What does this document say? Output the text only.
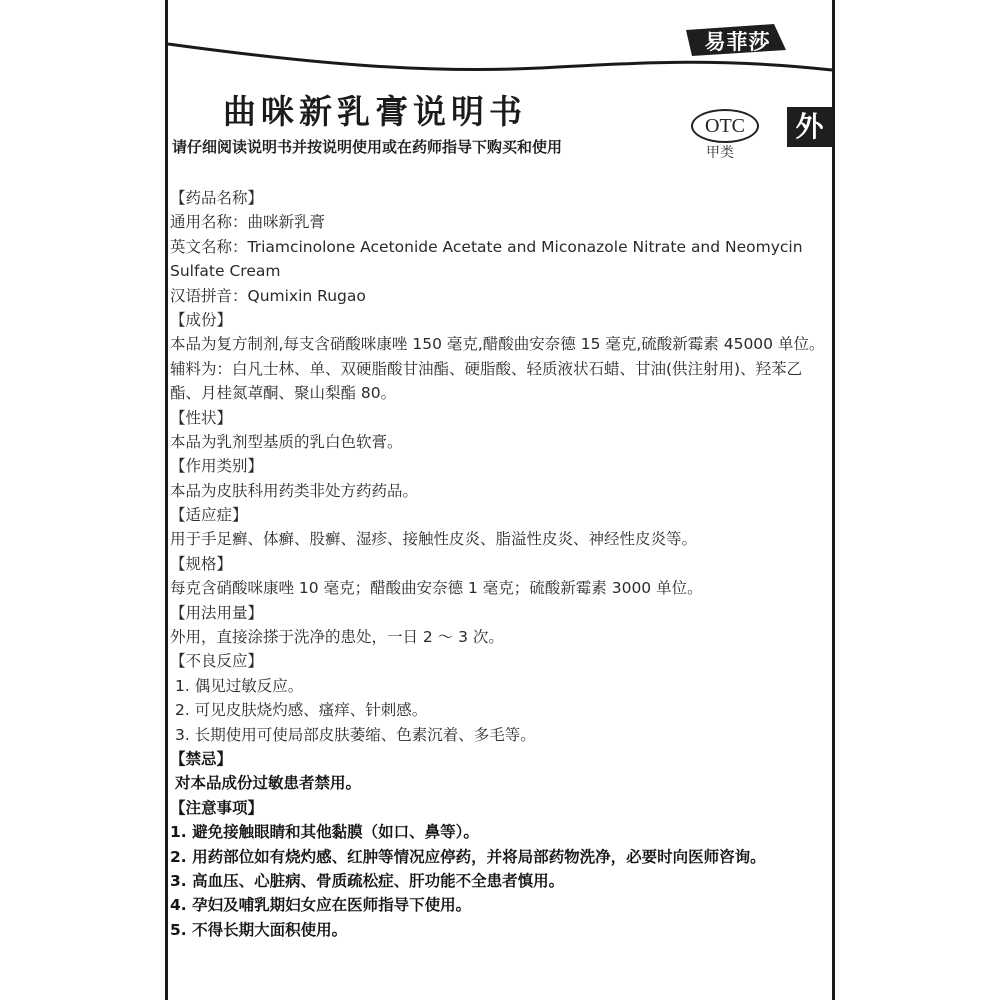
易菲莎
曲咪新乳膏说明书
请仔细阅读说明书并按说明使用或在药师指导下购买和使用
OTC
甲类
外
【药品名称】
通用名称：曲咪新乳膏
英文名称：Triamcinolone Acetonide Acetate and Miconazole Nitrate and Neomycin
Sulfate Cream
汉语拼音：Qumixin Rugao
【成份】
本品为复方制剂,每支含硝酸咪康唑 150 毫克,醋酸曲安奈德 15 毫克,硫酸新霉素 45000 单位。
辅料为：白凡士林、单、双硬脂酸甘油酯、硬脂酸、轻质液状石蜡、甘油(供注射用)、羟苯乙
酯、月桂氮䓬酮、聚山梨酯 80。
【性状】
本品为乳剂型基质的乳白色软膏。
【作用类别】
本品为皮肤科用药类非处方药药品。
【适应症】
用于手足癣、体癣、股癣、湿疹、接触性皮炎、脂溢性皮炎、神经性皮炎等。
【规格】
每克含硝酸咪康唑 10 毫克；醋酸曲安奈德 1 毫克；硫酸新霉素 3000 单位。
【用法用量】
外用，直接涂搽于洗净的患处，一日 2 ～ 3 次。
【不良反应】
1. 偶见过敏反应。
2. 可见皮肤烧灼感、瘙痒、针刺感。
3. 长期使用可使局部皮肤萎缩、色素沉着、多毛等。
【禁忌】
对本品成份过敏患者禁用。
【注意事项】
1. 避免接触眼睛和其他黏膜（如口、鼻等）。
2. 用药部位如有烧灼感、红肿等情况应停药，并将局部药物洗净，必要时向医师咨询。
3. 高血压、心脏病、骨质疏松症、肝功能不全患者慎用。
4. 孕妇及哺乳期妇女应在医师指导下使用。
5. 不得长期大面积使用。
